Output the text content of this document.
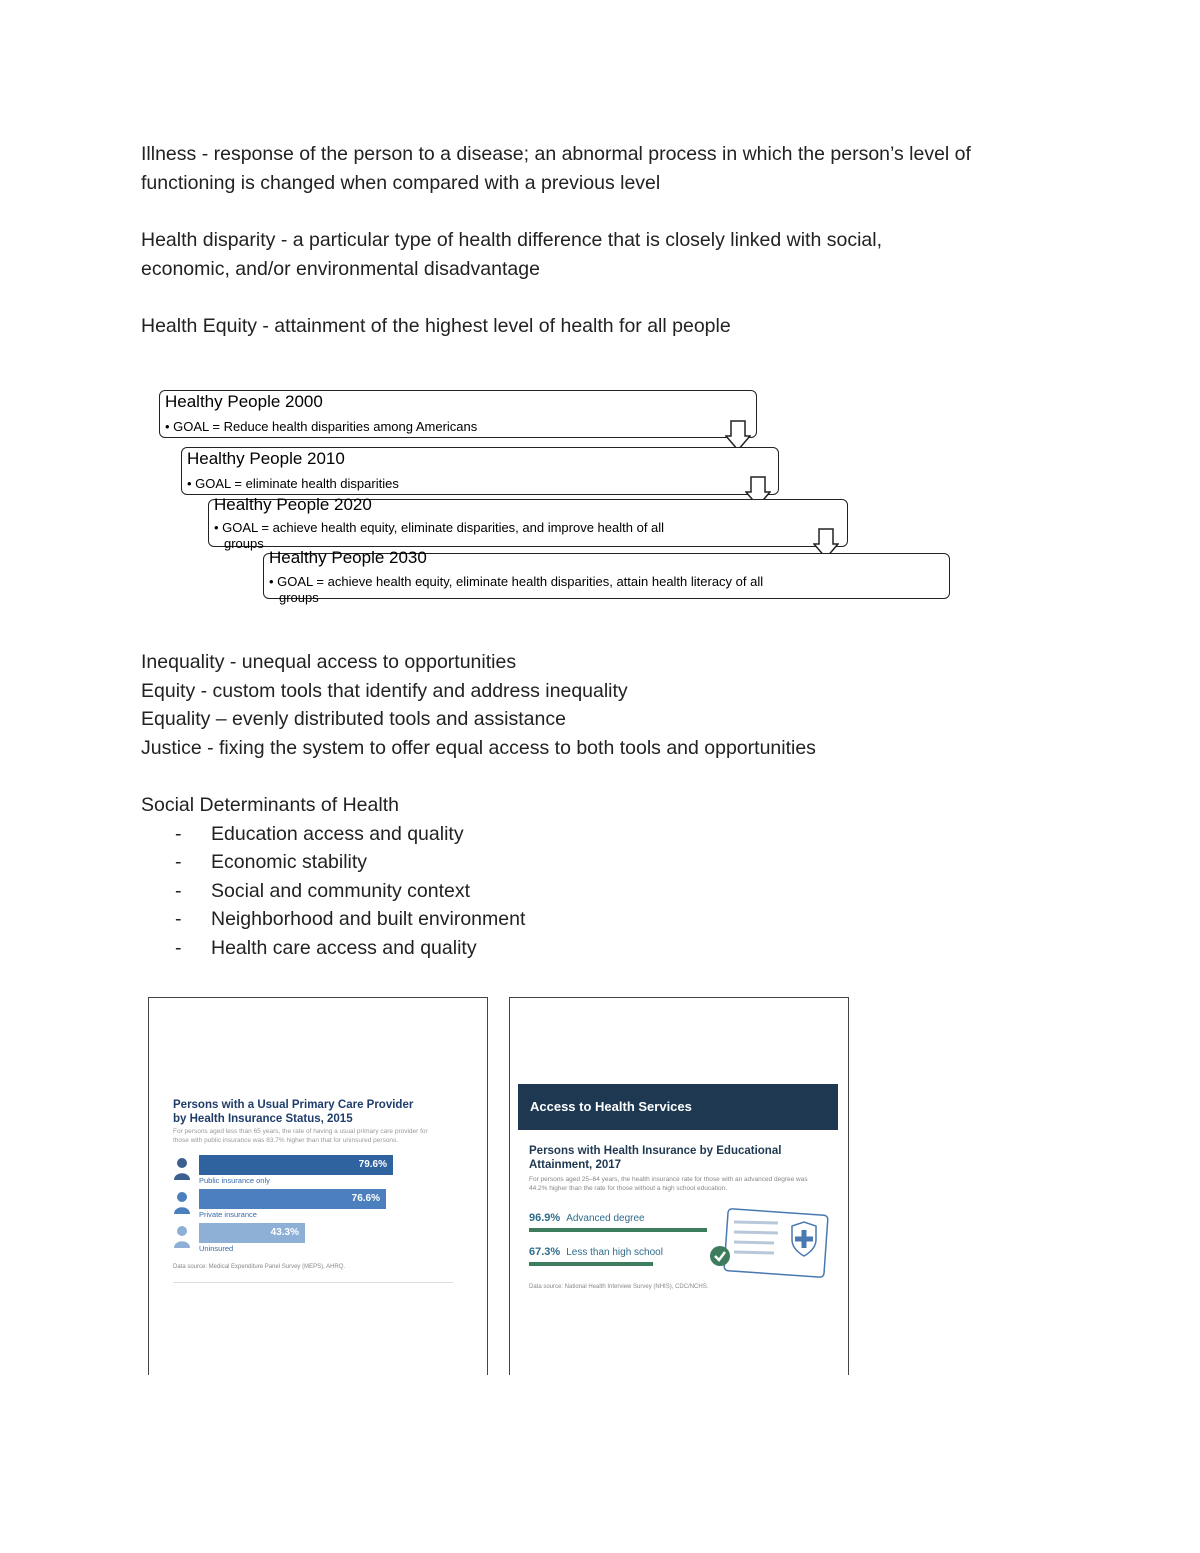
Illness - response of the person to a disease; an abnormal process in which the person’s level of
functioning is changed when compared with a previous level

Health disparity - a particular type of health difference that is closely linked with social,
economic, and/or environmental disadvantage

Health Equity - attainment of the highest level of health for all people

Healthy People 2000
• GOAL = Reduce health disparities among Americans
Healthy People 2010
• GOAL = eliminate health disparities
Healthy People 2020
• GOAL = achieve health equity, eliminate disparities, and improve health of all
groups
Healthy People 2030
• GOAL = achieve health equity, eliminate health disparities, attain health literacy of all
groups

Inequality - unequal access to opportunities
Equity - custom tools that identify and address inequality
Equality – evenly distributed tools and assistance
Justice - fixing the system to offer equal access to both tools and opportunities

Social Determinants of Health
- Education access and quality
- Economic stability
- Social and community context
- Neighborhood and built environment
- Health care access and quality
Persons with a Usual Primary Care Provider
by Health Insurance Status, 2015
For persons aged less than 65 years, the rate of having a usual primary care provider for those with public insurance was 83.7% higher than that for uninsured persons.
79.6%
Public insurance only
76.6%
Private insurance
43.3%
Uninsured
Data source: Medical Expenditure Panel Survey (MEPS), AHRQ.
Access to Health Services
Persons with Health Insurance by Educational
Attainment, 2017
For persons aged 25–64 years, the health insurance rate for those with an advanced degree was 44.2% higher than the rate for those without a high school education.
96.9% Advanced degree
67.3% Less than high school
Data source: National Health Interview Survey (NHIS), CDC/NCHS.
